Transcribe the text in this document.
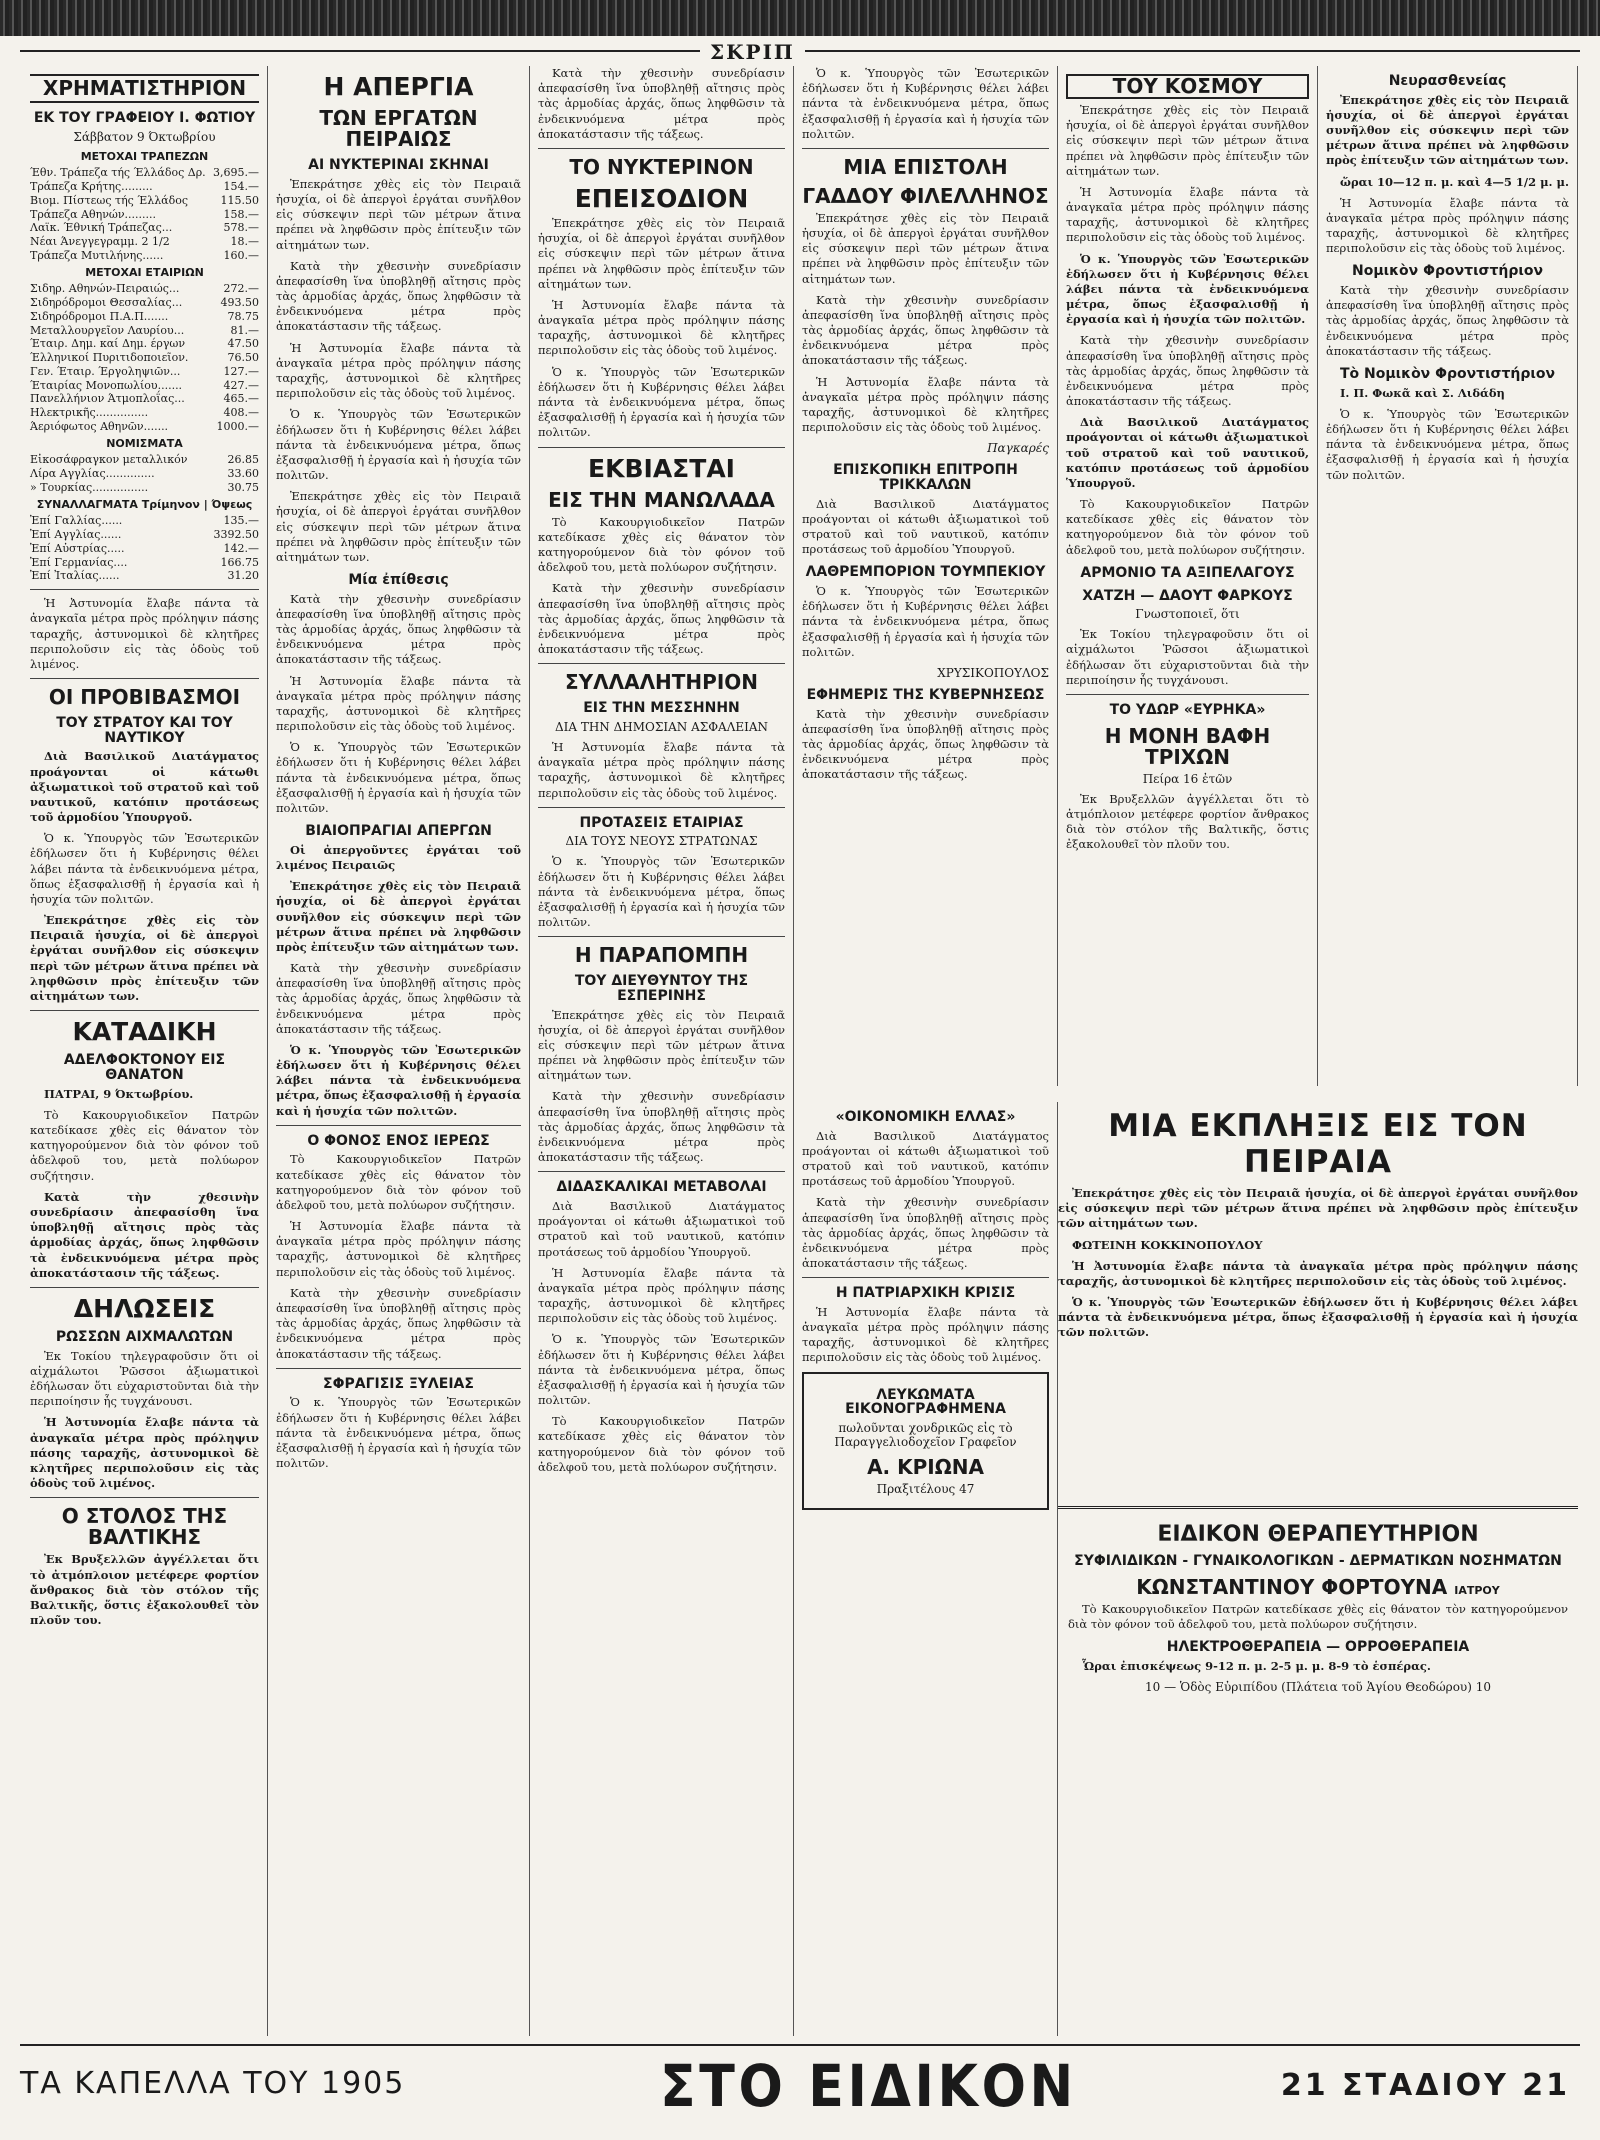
ΣΚΡΙΠ
ΧΡΗΜΑΤΙΣΤΗΡΙΟΝ
ΕΚ ΤΟΥ ΓΡΑΦΕΙΟΥ Ι. ΦΩΤΙΟΥ
Σάββατον 9 Όκτωβρίου
ΜΕΤΟΧΑΙ ΤΡΑΠΕΖΩΝ
Έθν. Τράπεζα τής Έλλάδος Δρ. 3,695.—
Τράπεζα Κρήτης.........	154.—
Βιομ. Πίστεως τής Έλλάδος	115.50
Τράπεζα Αθηνών.........	158.—
Λαϊκ. Έθνική Τράπεζας...	578.—
Νέαι Άνεγγεγραμμ. 2 1/2	18.—
Τράπεζα Μυτιλήνης......	160.—
ΜΕΤΟΧΑΙ ΕΤΑΙΡΙΩΝ
Σιδηρ. Αθηνών-Πειραιώς...	272.—
Σιδηρόδρομοι Θεσσαλίας...	493.50
Σιδηρόδρομοι Π.Α.Π.......	78.75
Μεταλλουργεῖον Λαυρίου...	81.—
Έταιρ. Δημ. καί Δημ. έργων	47.50
Έλληνικοί Πυριτιδοποιεῖον.	76.50
Γεν. Έταιρ. Έργοληψιῶν...	127.—
Έταιρίας Μονοπωλίου.......	427.—
Πανελλήνιον Άτμοπλοΐας...	465.—
Ηλεκτρικῆς...............	408.—
Άεριόφωτος Αθηνῶν.......	1000.—
ΝΟΜΙΣΜΑΤΑ
Εἰκοσάφραγκον μεταλλικόν	26.85
Λίρα Αγγλίας..............	33.60
» Τουρκίας................	30.75
ΣΥΝΑΛΛΑΓΜΑΤΑ Τρίμηνον | Όψεως
Ἐπί Γαλλίας......	135.—
Ἐπί Αγγλίας......	3392.50
Ἐπί Αὐστρίας.....	142.—
Ἐπί Γερμανίας....	166.75
Ἐπί Ἰταλίας......	31.20

Ἡ Ἀστυνομία ἔλαβε πάντα τὰ ἀναγκαῖα μέτρα πρὸς πρόληψιν πάσης ταραχῆς, ἀστυνομικοὶ δὲ κλητῆρες περιπολοῦσιν εἰς τὰς ὁδοὺς τοῦ λιμένος.

ΟΙ ΠΡΟΒΙΒΑΣΜΟΙ
ΤΟΥ ΣΤΡΑΤΟΥ ΚΑΙ ΤΟΥ ΝΑΥΤΙΚΟΥ

Διὰ Βασιλικοῦ Διατάγματος προάγονται οἱ κάτωθι ἀξιωματικοὶ τοῦ στρατοῦ καὶ τοῦ ναυτικοῦ, κατόπιν προτάσεως τοῦ ἁρμοδίου Ὑπουργοῦ.

Ὁ κ. Ὑπουργὸς τῶν Ἐσωτερικῶν ἐδήλωσεν ὅτι ἡ Κυβέρνησις θέλει λάβει πάντα τὰ ἐνδεικνυόμενα μέτρα, ὅπως ἐξασφαλισθῇ ἡ ἐργασία καὶ ἡ ἡσυχία τῶν πολιτῶν.

Ἐπεκράτησε χθὲς εἰς τὸν Πειραιᾶ ἡσυχία, οἱ δὲ ἀπεργοὶ ἐργάται συνῆλθον εἰς σύσκεψιν περὶ τῶν μέτρων ἅτινα πρέπει νὰ ληφθῶσιν πρὸς ἐπίτευξιν τῶν αἰτημάτων των.

ΚΑΤΑΔΙΚΗ
ΑΔΕΛΦΟΚΤΟΝΟΥ ΕΙΣ ΘΑΝΑΤΟΝ

ΠΑΤΡΑΙ, 9 Όκτωβρίου.

Τὸ Κακουργιοδικεῖον Πατρῶν κατεδίκασε χθὲς εἰς θάνατον τὸν κατηγορούμενον διὰ τὸν φόνον τοῦ ἀδελφοῦ του, μετὰ πολύωρον συζήτησιν.

Κατὰ τὴν χθεσινὴν συνεδρίασιν ἀπεφασίσθη ἵνα ὑποβληθῇ αἴτησις πρὸς τὰς ἁρμοδίας ἀρχάς, ὅπως ληφθῶσιν τὰ ἐνδεικνυόμενα μέτρα πρὸς ἀποκατάστασιν τῆς τάξεως.

ΔΗΛΩΣΕΙΣ
ΡΩΣΣΩΝ ΑΙΧΜΑΛΩΤΩΝ

Ἐκ Τοκίου τηλεγραφοῦσιν ὅτι οἱ αἰχμάλωτοι Ῥῶσσοι ἀξιωματικοὶ ἐδήλωσαν ὅτι εὐχαριστοῦνται διὰ τὴν περιποίησιν ἧς τυγχάνουσι.

Ἡ Ἀστυνομία ἔλαβε πάντα τὰ ἀναγκαῖα μέτρα πρὸς πρόληψιν πάσης ταραχῆς, ἀστυνομικοὶ δὲ κλητῆρες περιπολοῦσιν εἰς τὰς ὁδοὺς τοῦ λιμένος.

Ο ΣΤΟΛΟΣ ΤΗΣ ΒΑΛΤΙΚΗΣ

Ἐκ Βρυξελλῶν ἀγγέλλεται ὅτι τὸ ἀτμόπλοιον μετέφερε φορτίον ἄνθρακος διὰ τὸν στόλον τῆς Βαλτικῆς, ὅστις ἐξακολουθεῖ τὸν πλοῦν του.

Η ΑΠΕΡΓΙΑ
ΤΩΝ ΕΡΓΑΤΩΝ ΠΕΙΡΑΙΩΣ
ΑΙ ΝΥΚΤΕΡΙΝΑΙ ΣΚΗΝΑΙ

Ἐπεκράτησε χθὲς εἰς τὸν Πειραιᾶ ἡσυχία, οἱ δὲ ἀπεργοὶ ἐργάται συνῆλθον εἰς σύσκεψιν περὶ τῶν μέτρων ἅτινα πρέπει νὰ ληφθῶσιν πρὸς ἐπίτευξιν τῶν αἰτημάτων των.

Κατὰ τὴν χθεσινὴν συνεδρίασιν ἀπεφασίσθη ἵνα ὑποβληθῇ αἴτησις πρὸς τὰς ἁρμοδίας ἀρχάς, ὅπως ληφθῶσιν τὰ ἐνδεικνυόμενα μέτρα πρὸς ἀποκατάστασιν τῆς τάξεως.

Ἡ Ἀστυνομία ἔλαβε πάντα τὰ ἀναγκαῖα μέτρα πρὸς πρόληψιν πάσης ταραχῆς, ἀστυνομικοὶ δὲ κλητῆρες περιπολοῦσιν εἰς τὰς ὁδοὺς τοῦ λιμένος.

Ὁ κ. Ὑπουργὸς τῶν Ἐσωτερικῶν ἐδήλωσεν ὅτι ἡ Κυβέρνησις θέλει λάβει πάντα τὰ ἐνδεικνυόμενα μέτρα, ὅπως ἐξασφαλισθῇ ἡ ἐργασία καὶ ἡ ἡσυχία τῶν πολιτῶν.

Ἐπεκράτησε χθὲς εἰς τὸν Πειραιᾶ ἡσυχία, οἱ δὲ ἀπεργοὶ ἐργάται συνῆλθον εἰς σύσκεψιν περὶ τῶν μέτρων ἅτινα πρέπει νὰ ληφθῶσιν πρὸς ἐπίτευξιν τῶν αἰτημάτων των.

Μία ἐπίθεσις

Κατὰ τὴν χθεσινὴν συνεδρίασιν ἀπεφασίσθη ἵνα ὑποβληθῇ αἴτησις πρὸς τὰς ἁρμοδίας ἀρχάς, ὅπως ληφθῶσιν τὰ ἐνδεικνυόμενα μέτρα πρὸς ἀποκατάστασιν τῆς τάξεως.

Ἡ Ἀστυνομία ἔλαβε πάντα τὰ ἀναγκαῖα μέτρα πρὸς πρόληψιν πάσης ταραχῆς, ἀστυνομικοὶ δὲ κλητῆρες περιπολοῦσιν εἰς τὰς ὁδοὺς τοῦ λιμένος.

Ὁ κ. Ὑπουργὸς τῶν Ἐσωτερικῶν ἐδήλωσεν ὅτι ἡ Κυβέρνησις θέλει λάβει πάντα τὰ ἐνδεικνυόμενα μέτρα, ὅπως ἐξασφαλισθῇ ἡ ἐργασία καὶ ἡ ἡσυχία τῶν πολιτῶν.

ΒΙΑΙΟΠΡΑΓΙΑΙ ΑΠΕΡΓΩΝ

Οἱ ἀπεργοῦντες ἐργάται τοῦ λιμένος Πειραιῶς

Ἐπεκράτησε χθὲς εἰς τὸν Πειραιᾶ ἡσυχία, οἱ δὲ ἀπεργοὶ ἐργάται συνῆλθον εἰς σύσκεψιν περὶ τῶν μέτρων ἅτινα πρέπει νὰ ληφθῶσιν πρὸς ἐπίτευξιν τῶν αἰτημάτων των.

Κατὰ τὴν χθεσινὴν συνεδρίασιν ἀπεφασίσθη ἵνα ὑποβληθῇ αἴτησις πρὸς τὰς ἁρμοδίας ἀρχάς, ὅπως ληφθῶσιν τὰ ἐνδεικνυόμενα μέτρα πρὸς ἀποκατάστασιν τῆς τάξεως.

Ὁ κ. Ὑπουργὸς τῶν Ἐσωτερικῶν ἐδήλωσεν ὅτι ἡ Κυβέρνησις θέλει λάβει πάντα τὰ ἐνδεικνυόμενα μέτρα, ὅπως ἐξασφαλισθῇ ἡ ἐργασία καὶ ἡ ἡσυχία τῶν πολιτῶν.

Ο ΦΟΝΟΣ ΕΝΟΣ ΙΕΡΕΩΣ

Τὸ Κακουργιοδικεῖον Πατρῶν κατεδίκασε χθὲς εἰς θάνατον τὸν κατηγορούμενον διὰ τὸν φόνον τοῦ ἀδελφοῦ του, μετὰ πολύωρον συζήτησιν.

Ἡ Ἀστυνομία ἔλαβε πάντα τὰ ἀναγκαῖα μέτρα πρὸς πρόληψιν πάσης ταραχῆς, ἀστυνομικοὶ δὲ κλητῆρες περιπολοῦσιν εἰς τὰς ὁδοὺς τοῦ λιμένος.

Κατὰ τὴν χθεσινὴν συνεδρίασιν ἀπεφασίσθη ἵνα ὑποβληθῇ αἴτησις πρὸς τὰς ἁρμοδίας ἀρχάς, ὅπως ληφθῶσιν τὰ ἐνδεικνυόμενα μέτρα πρὸς ἀποκατάστασιν τῆς τάξεως.

ΣΦΡΑΓΙΣΙΣ ΞΥΛΕΙΑΣ

Ὁ κ. Ὑπουργὸς τῶν Ἐσωτερικῶν ἐδήλωσεν ὅτι ἡ Κυβέρνησις θέλει λάβει πάντα τὰ ἐνδεικνυόμενα μέτρα, ὅπως ἐξασφαλισθῇ ἡ ἐργασία καὶ ἡ ἡσυχία τῶν πολιτῶν.

Κατὰ τὴν χθεσινὴν συνεδρίασιν ἀπεφασίσθη ἵνα ὑποβληθῇ αἴτησις πρὸς τὰς ἁρμοδίας ἀρχάς, ὅπως ληφθῶσιν τὰ ἐνδεικνυόμενα μέτρα πρὸς ἀποκατάστασιν τῆς τάξεως.

ΤΟ ΝΥΚΤΕΡΙΝΟΝ
ΕΠΕΙΣΟΔΙΟΝ

Ἐπεκράτησε χθὲς εἰς τὸν Πειραιᾶ ἡσυχία, οἱ δὲ ἀπεργοὶ ἐργάται συνῆλθον εἰς σύσκεψιν περὶ τῶν μέτρων ἅτινα πρέπει νὰ ληφθῶσιν πρὸς ἐπίτευξιν τῶν αἰτημάτων των.

Ἡ Ἀστυνομία ἔλαβε πάντα τὰ ἀναγκαῖα μέτρα πρὸς πρόληψιν πάσης ταραχῆς, ἀστυνομικοὶ δὲ κλητῆρες περιπολοῦσιν εἰς τὰς ὁδοὺς τοῦ λιμένος.

Ὁ κ. Ὑπουργὸς τῶν Ἐσωτερικῶν ἐδήλωσεν ὅτι ἡ Κυβέρνησις θέλει λάβει πάντα τὰ ἐνδεικνυόμενα μέτρα, ὅπως ἐξασφαλισθῇ ἡ ἐργασία καὶ ἡ ἡσυχία τῶν πολιτῶν.

ΕΚΒΙΑΣΤΑΙ
ΕΙΣ ΤΗΝ ΜΑΝΩΛΑΔΑ

Τὸ Κακουργιοδικεῖον Πατρῶν κατεδίκασε χθὲς εἰς θάνατον τὸν κατηγορούμενον διὰ τὸν φόνον τοῦ ἀδελφοῦ του, μετὰ πολύωρον συζήτησιν.

Κατὰ τὴν χθεσινὴν συνεδρίασιν ἀπεφασίσθη ἵνα ὑποβληθῇ αἴτησις πρὸς τὰς ἁρμοδίας ἀρχάς, ὅπως ληφθῶσιν τὰ ἐνδεικνυόμενα μέτρα πρὸς ἀποκατάστασιν τῆς τάξεως.

ΣΥΛΛΑΛΗΤΗΡΙΟΝ
ΕΙΣ ΤΗΝ ΜΕΣΣΗΝΗΝ
ΔΙΑ ΤΗΝ ΔΗΜΟΣΙΑΝ ΑΣΦΑΛΕΙΑΝ

Ἡ Ἀστυνομία ἔλαβε πάντα τὰ ἀναγκαῖα μέτρα πρὸς πρόληψιν πάσης ταραχῆς, ἀστυνομικοὶ δὲ κλητῆρες περιπολοῦσιν εἰς τὰς ὁδοὺς τοῦ λιμένος.

ΠΡΟΤΑΣΕΙΣ ΕΤΑΙΡΙΑΣ
ΔΙΑ ΤΟΥΣ ΝΕΟΥΣ ΣΤΡΑΤΩΝΑΣ

Ὁ κ. Ὑπουργὸς τῶν Ἐσωτερικῶν ἐδήλωσεν ὅτι ἡ Κυβέρνησις θέλει λάβει πάντα τὰ ἐνδεικνυόμενα μέτρα, ὅπως ἐξασφαλισθῇ ἡ ἐργασία καὶ ἡ ἡσυχία τῶν πολιτῶν.

Η ΠΑΡΑΠΟΜΠΗ
ΤΟΥ ΔΙΕΥΘΥΝΤΟΥ ΤΗΣ ΕΣΠΕΡΙΝΗΣ

Ἐπεκράτησε χθὲς εἰς τὸν Πειραιᾶ ἡσυχία, οἱ δὲ ἀπεργοὶ ἐργάται συνῆλθον εἰς σύσκεψιν περὶ τῶν μέτρων ἅτινα πρέπει νὰ ληφθῶσιν πρὸς ἐπίτευξιν τῶν αἰτημάτων των.

Κατὰ τὴν χθεσινὴν συνεδρίασιν ἀπεφασίσθη ἵνα ὑποβληθῇ αἴτησις πρὸς τὰς ἁρμοδίας ἀρχάς, ὅπως ληφθῶσιν τὰ ἐνδεικνυόμενα μέτρα πρὸς ἀποκατάστασιν τῆς τάξεως.

ΔΙΔΑΣΚΑΛΙΚΑΙ ΜΕΤΑΒΟΛΑΙ

Διὰ Βασιλικοῦ Διατάγματος προάγονται οἱ κάτωθι ἀξιωματικοὶ τοῦ στρατοῦ καὶ τοῦ ναυτικοῦ, κατόπιν προτάσεως τοῦ ἁρμοδίου Ὑπουργοῦ.

Ἡ Ἀστυνομία ἔλαβε πάντα τὰ ἀναγκαῖα μέτρα πρὸς πρόληψιν πάσης ταραχῆς, ἀστυνομικοὶ δὲ κλητῆρες περιπολοῦσιν εἰς τὰς ὁδοὺς τοῦ λιμένος.

Ὁ κ. Ὑπουργὸς τῶν Ἐσωτερικῶν ἐδήλωσεν ὅτι ἡ Κυβέρνησις θέλει λάβει πάντα τὰ ἐνδεικνυόμενα μέτρα, ὅπως ἐξασφαλισθῇ ἡ ἐργασία καὶ ἡ ἡσυχία τῶν πολιτῶν.

Τὸ Κακουργιοδικεῖον Πατρῶν κατεδίκασε χθὲς εἰς θάνατον τὸν κατηγορούμενον διὰ τὸν φόνον τοῦ ἀδελφοῦ του, μετὰ πολύωρον συζήτησιν.

Ὁ κ. Ὑπουργὸς τῶν Ἐσωτερικῶν ἐδήλωσεν ὅτι ἡ Κυβέρνησις θέλει λάβει πάντα τὰ ἐνδεικνυόμενα μέτρα, ὅπως ἐξασφαλισθῇ ἡ ἐργασία καὶ ἡ ἡσυχία τῶν πολιτῶν.

ΜΙΑ ΕΠΙΣΤΟΛΗ
ΓΑΔΔΟΥ ΦΙΛΕΛΛΗΝΟΣ

Ἐπεκράτησε χθὲς εἰς τὸν Πειραιᾶ ἡσυχία, οἱ δὲ ἀπεργοὶ ἐργάται συνῆλθον εἰς σύσκεψιν περὶ τῶν μέτρων ἅτινα πρέπει νὰ ληφθῶσιν πρὸς ἐπίτευξιν τῶν αἰτημάτων των.

Κατὰ τὴν χθεσινὴν συνεδρίασιν ἀπεφασίσθη ἵνα ὑποβληθῇ αἴτησις πρὸς τὰς ἁρμοδίας ἀρχάς, ὅπως ληφθῶσιν τὰ ἐνδεικνυόμενα μέτρα πρὸς ἀποκατάστασιν τῆς τάξεως.

Ἡ Ἀστυνομία ἔλαβε πάντα τὰ ἀναγκαῖα μέτρα πρὸς πρόληψιν πάσης ταραχῆς, ἀστυνομικοὶ δὲ κλητῆρες περιπολοῦσιν εἰς τὰς ὁδοὺς τοῦ λιμένος.

Παγκαρές
ΕΠΙΣΚΟΠΙΚΗ ΕΠΙΤΡΟΠΗ ΤΡΙΚΚΑΛΩΝ

Διὰ Βασιλικοῦ Διατάγματος προάγονται οἱ κάτωθι ἀξιωματικοὶ τοῦ στρατοῦ καὶ τοῦ ναυτικοῦ, κατόπιν προτάσεως τοῦ ἁρμοδίου Ὑπουργοῦ.

ΛΑΘΡΕΜΠΟΡΙΟΝ ΤΟΥΜΠΕΚΙΟΥ

Ὁ κ. Ὑπουργὸς τῶν Ἐσωτερικῶν ἐδήλωσεν ὅτι ἡ Κυβέρνησις θέλει λάβει πάντα τὰ ἐνδεικνυόμενα μέτρα, ὅπως ἐξασφαλισθῇ ἡ ἐργασία καὶ ἡ ἡσυχία τῶν πολιτῶν.

ΧΡΥΣΙΚΟΠΟΥΛΟΣ
ΕΦΗΜΕΡΙΣ ΤΗΣ ΚΥΒΕΡΝΗΣΕΩΣ

Κατὰ τὴν χθεσινὴν συνεδρίασιν ἀπεφασίσθη ἵνα ὑποβληθῇ αἴτησις πρὸς τὰς ἁρμοδίας ἀρχάς, ὅπως ληφθῶσιν τὰ ἐνδεικνυόμενα μέτρα πρὸς ἀποκατάστασιν τῆς τάξεως.

ΤΟΥ ΚΟΣΜΟΥ

Ἐπεκράτησε χθὲς εἰς τὸν Πειραιᾶ ἡσυχία, οἱ δὲ ἀπεργοὶ ἐργάται συνῆλθον εἰς σύσκεψιν περὶ τῶν μέτρων ἅτινα πρέπει νὰ ληφθῶσιν πρὸς ἐπίτευξιν τῶν αἰτημάτων των.

Ἡ Ἀστυνομία ἔλαβε πάντα τὰ ἀναγκαῖα μέτρα πρὸς πρόληψιν πάσης ταραχῆς, ἀστυνομικοὶ δὲ κλητῆρες περιπολοῦσιν εἰς τὰς ὁδοὺς τοῦ λιμένος.

Ὁ κ. Ὑπουργὸς τῶν Ἐσωτερικῶν ἐδήλωσεν ὅτι ἡ Κυβέρνησις θέλει λάβει πάντα τὰ ἐνδεικνυόμενα μέτρα, ὅπως ἐξασφαλισθῇ ἡ ἐργασία καὶ ἡ ἡσυχία τῶν πολιτῶν.

Κατὰ τὴν χθεσινὴν συνεδρίασιν ἀπεφασίσθη ἵνα ὑποβληθῇ αἴτησις πρὸς τὰς ἁρμοδίας ἀρχάς, ὅπως ληφθῶσιν τὰ ἐνδεικνυόμενα μέτρα πρὸς ἀποκατάστασιν τῆς τάξεως.

Διὰ Βασιλικοῦ Διατάγματος προάγονται οἱ κάτωθι ἀξιωματικοὶ τοῦ στρατοῦ καὶ τοῦ ναυτικοῦ, κατόπιν προτάσεως τοῦ ἁρμοδίου Ὑπουργοῦ.

Τὸ Κακουργιοδικεῖον Πατρῶν κατεδίκασε χθὲς εἰς θάνατον τὸν κατηγορούμενον διὰ τὸν φόνον τοῦ ἀδελφοῦ του, μετὰ πολύωρον συζήτησιν.

ΑΡΜΟΝΙΟ ΤΑ ΑΞΙΠΕΛΑΓΟΥΣ
ΧΑΤΖΗ — ΔΑΟΥΤ ΦΑΡΚΟΥΣ
Γνωστοποιεῖ, ὅτι

Ἐκ Τοκίου τηλεγραφοῦσιν ὅτι οἱ αἰχμάλωτοι Ῥῶσσοι ἀξιωματικοὶ ἐδήλωσαν ὅτι εὐχαριστοῦνται διὰ τὴν περιποίησιν ἧς τυγχάνουσι.

ΤΟ ΥΔΩΡ «ΕΥΡΗΚΑ»
Η ΜΟΝΗ ΒΑΦΗ ΤΡΙΧΩΝ
Πείρα 16 ἐτῶν

Ἐκ Βρυξελλῶν ἀγγέλλεται ὅτι τὸ ἀτμόπλοιον μετέφερε φορτίον ἄνθρακος διὰ τὸν στόλον τῆς Βαλτικῆς, ὅστις ἐξακολουθεῖ τὸν πλοῦν του.

Νευρασθενείας

Ἐπεκράτησε χθὲς εἰς τὸν Πειραιᾶ ἡσυχία, οἱ δὲ ἀπεργοὶ ἐργάται συνῆλθον εἰς σύσκεψιν περὶ τῶν μέτρων ἅτινα πρέπει νὰ ληφθῶσιν πρὸς ἐπίτευξιν τῶν αἰτημάτων των.

ὥραι 10—12 π. μ. καὶ 4—5 1/2 μ. μ.

Ἡ Ἀστυνομία ἔλαβε πάντα τὰ ἀναγκαῖα μέτρα πρὸς πρόληψιν πάσης ταραχῆς, ἀστυνομικοὶ δὲ κλητῆρες περιπολοῦσιν εἰς τὰς ὁδοὺς τοῦ λιμένος.

Νομικὸν Φροντιστήριον

Κατὰ τὴν χθεσινὴν συνεδρίασιν ἀπεφασίσθη ἵνα ὑποβληθῇ αἴτησις πρὸς τὰς ἁρμοδίας ἀρχάς, ὅπως ληφθῶσιν τὰ ἐνδεικνυόμενα μέτρα πρὸς ἀποκατάστασιν τῆς τάξεως.

Τὸ Νομικὸν Φροντιστήριον

Ι. Π. Φωκᾶ καὶ Σ. Λιδάδη

Ὁ κ. Ὑπουργὸς τῶν Ἐσωτερικῶν ἐδήλωσεν ὅτι ἡ Κυβέρνησις θέλει λάβει πάντα τὰ ἐνδεικνυόμενα μέτρα, ὅπως ἐξασφαλισθῇ ἡ ἐργασία καὶ ἡ ἡσυχία τῶν πολιτῶν.

ΜΙΑ ΕΚΠΛΗΞΙΣ ΕΙΣ ΤΟΝ ΠΕΙΡΑΙΑ

Ἐπεκράτησε χθὲς εἰς τὸν Πειραιᾶ ἡσυχία, οἱ δὲ ἀπεργοὶ ἐργάται συνῆλθον εἰς σύσκεψιν περὶ τῶν μέτρων ἅτινα πρέπει νὰ ληφθῶσιν πρὸς ἐπίτευξιν τῶν αἰτημάτων των.

ΦΩΤΕΙΝΗ ΚΟΚΚΙΝΟΠΟΥΛΟΥ

Ἡ Ἀστυνομία ἔλαβε πάντα τὰ ἀναγκαῖα μέτρα πρὸς πρόληψιν πάσης ταραχῆς, ἀστυνομικοὶ δὲ κλητῆρες περιπολοῦσιν εἰς τὰς ὁδοὺς τοῦ λιμένος.

Ὁ κ. Ὑπουργὸς τῶν Ἐσωτερικῶν ἐδήλωσεν ὅτι ἡ Κυβέρνησις θέλει λάβει πάντα τὰ ἐνδεικνυόμενα μέτρα, ὅπως ἐξασφαλισθῇ ἡ ἐργασία καὶ ἡ ἡσυχία τῶν πολιτῶν.

«ΟΙΚΟΝΟΜΙΚΗ ΕΛΛΑΣ»

Διὰ Βασιλικοῦ Διατάγματος προάγονται οἱ κάτωθι ἀξιωματικοὶ τοῦ στρατοῦ καὶ τοῦ ναυτικοῦ, κατόπιν προτάσεως τοῦ ἁρμοδίου Ὑπουργοῦ.

Κατὰ τὴν χθεσινὴν συνεδρίασιν ἀπεφασίσθη ἵνα ὑποβληθῇ αἴτησις πρὸς τὰς ἁρμοδίας ἀρχάς, ὅπως ληφθῶσιν τὰ ἐνδεικνυόμενα μέτρα πρὸς ἀποκατάστασιν τῆς τάξεως.

Η ΠΑΤΡΙΑΡΧΙΚΗ ΚΡΙΣΙΣ

Ἡ Ἀστυνομία ἔλαβε πάντα τὰ ἀναγκαῖα μέτρα πρὸς πρόληψιν πάσης ταραχῆς, ἀστυνομικοὶ δὲ κλητῆρες περιπολοῦσιν εἰς τὰς ὁδοὺς τοῦ λιμένος.

ΛΕΥΚΩΜΑΤΑ ΕΙΚΟΝΟΓΡΑΦΗΜΕΝΑ
πωλοῦνται χονδρικῶς εἰς τὸ Παραγγελιοδοχεῖον Γραφεῖον
Α. ΚΡΙΩΝΑ
Πραξιτέλους 47
ΕΙΔΙΚΟΝ ΘΕΡΑΠΕΥΤΗΡΙΟΝ
ΣΥΦΙΛΙΔΙΚΩΝ - ΓΥΝΑΙΚΟΛΟΓΙΚΩΝ - ΔΕΡΜΑΤΙΚΩΝ ΝΟΣΗΜΑΤΩΝ
ΚΩΝΣΤΑΝΤΙΝΟΥ ΦΟΡΤΟΥΝΑ ΙΑΤΡΟΥ

Τὸ Κακουργιοδικεῖον Πατρῶν κατεδίκασε χθὲς εἰς θάνατον τὸν κατηγορούμενον διὰ τὸν φόνον τοῦ ἀδελφοῦ του, μετὰ πολύωρον συζήτησιν.

ΗΛΕΚΤΡΟΘΕΡΑΠΕΙΑ — ΟΡΡΟΘΕΡΑΠΕΙΑ

Ὧραι ἐπισκέψεως 9-12 π. μ. 2-5 μ. μ. 8-9 τὸ ἑσπέρας.

10 — Ὁδὸς Εὐριπίδου (Πλάτεια τοῦ Ἁγίου Θεοδώρου) 10
ΤΑ ΚΑΠΕΛΛΑ ΤΟΥ 1905	ΣΤΟ ΕΙΔΙΚΟΝ	21 ΣΤΑΔΙΟΥ 21
